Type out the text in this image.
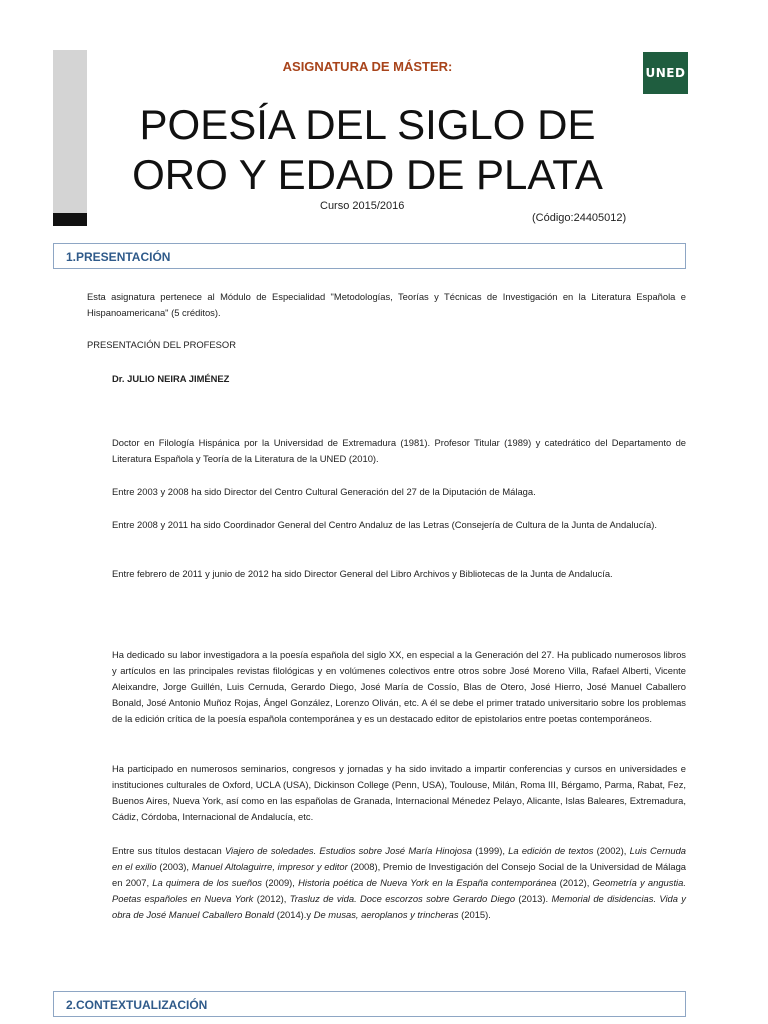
UNED
ASIGNATURA DE MÁSTER:
POESÍA DEL SIGLO DE
ORO Y EDAD DE PLATA
Curso 2015/2016
(Código:24405012)
1.PRESENTACIÓN

Esta asignatura pertenece al Módulo de Especialidad "Metodologías, Teorías y Técnicas de Investigación en la Literatura Española e Hispanoamericana" (5 créditos).

PRESENTACIÓN DEL PROFESOR

Dr. JULIO NEIRA JIMÉNEZ

Doctor en Filología Hispánica por la Universidad de Extremadura (1981). Profesor Titular (1989) y catedrático del Departamento de Literatura Española y Teoría de la Literatura de la UNED (2010).

Entre 2003 y 2008 ha sido Director del Centro Cultural Generación del 27 de la Diputación de Málaga.

Entre 2008 y 2011 ha sido Coordinador General del Centro Andaluz de las Letras (Consejería de Cultura de la Junta de Andalucía).

Entre febrero de 2011 y junio de 2012 ha sido Director General del Libro Archivos y Bibliotecas de la Junta de Andalucía.

Ha dedicado su labor investigadora a la poesía española del siglo XX, en especial a la Generación del 27. Ha publicado numerosos libros y artículos en las principales revistas filológicas y en volúmenes colectivos entre otros sobre José Moreno Villa, Rafael Alberti, Vicente Aleixandre, Jorge Guillén, Luis Cernuda, Gerardo Diego, José María de Cossío, Blas de Otero, José Hierro, José Manuel Caballero Bonald, José Antonio Muñoz Rojas, Ángel González, Lorenzo Oliván, etc. A él se debe el primer tratado universitario sobre los problemas de la edición crítica de la poesía española contemporánea y es un destacado editor de epistolarios entre poetas contemporáneos.

Ha participado en numerosos seminarios, congresos y jornadas y ha sido invitado a impartir conferencias y cursos en universidades e instituciones culturales de Oxford, UCLA (USA), Dickinson College (Penn, USA), Toulouse, Milán, Roma III, Bérgamo, Parma, Rabat, Fez, Buenos Aires, Nueva York, así como en las españolas de Granada, Internacional Ménedez Pelayo, Alicante, Islas Baleares, Extremadura, Cádiz, Córdoba, Internacional de Andalucía, etc.

Entre sus títulos destacan Viajero de soledades. Estudios sobre José María Hinojosa (1999), La edición de textos (2002), Luis Cernuda en el exilio (2003), Manuel Altolaguirre, impresor y editor (2008), Premio de Investigación del Consejo Social de la Universidad de Málaga en 2007, La quimera de los sueños (2009), Historia poética de Nueva York en la España contemporánea (2012), Geometría y angustia. Poetas españoles en Nueva York (2012), Trasluz de vida. Doce escorzos sobre Gerardo Diego (2013). Memorial de disidencias. Vida y obra de José Manuel Caballero Bonald (2014).y De musas, aeroplanos y trincheras (2015).

2.CONTEXTUALIZACIÓN
